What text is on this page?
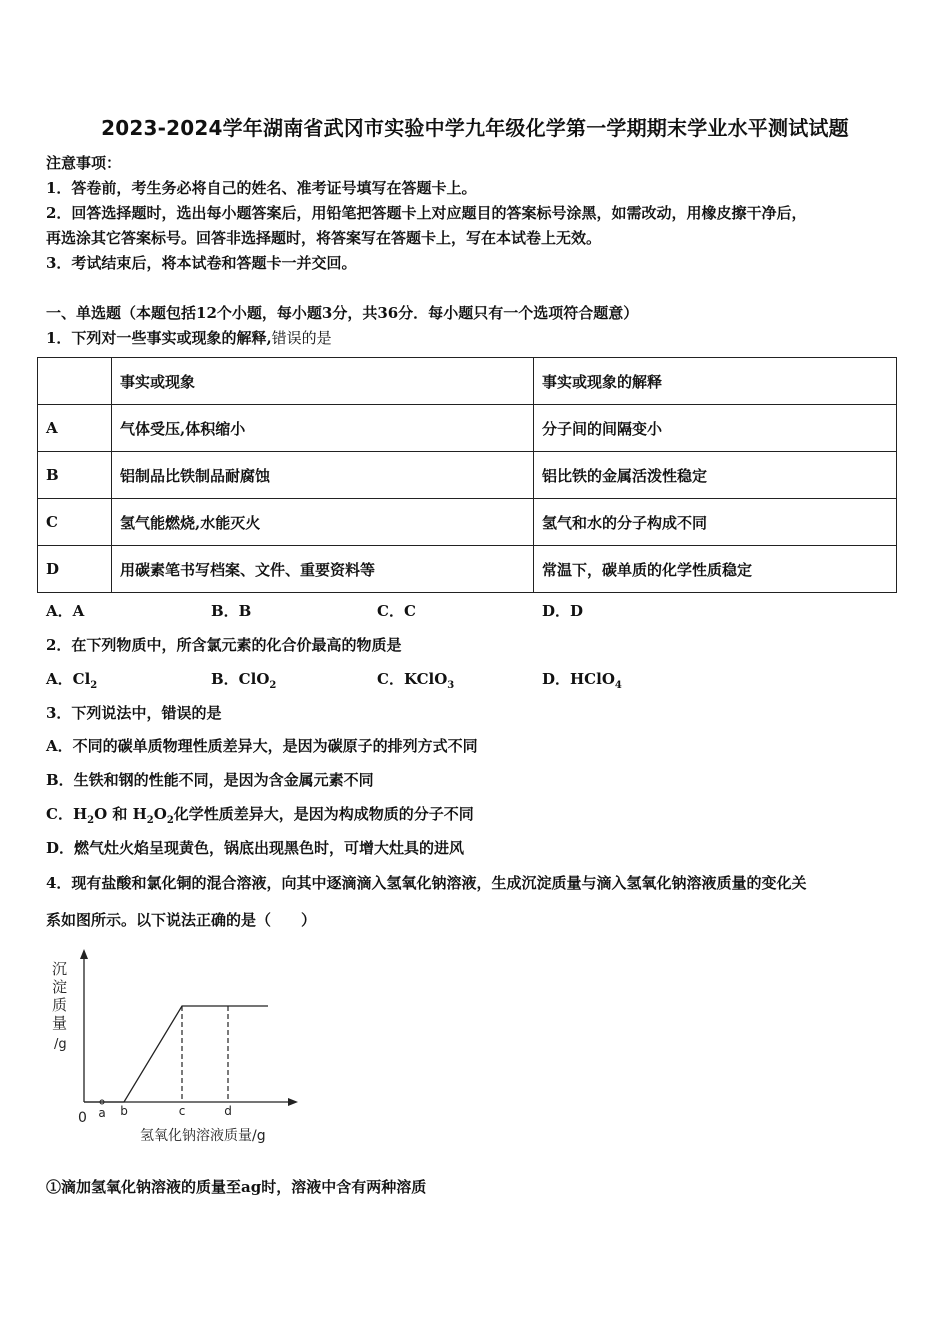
2023-2024学年湖南省武冈市实验中学九年级化学第一学期期末学业水平测试试题
注意事项：
1．答卷前，考生务必将自己的姓名、准考证号填写在答题卡上。
2．回答选择题时，选出每小题答案后，用铅笔把答题卡上对应题目的答案标号涂黑，如需改动，用橡皮擦干净后，
再选涂其它答案标号。回答非选择题时，将答案写在答题卡上，写在本试卷上无效。
3．考试结束后，将本试卷和答题卡一并交回。
一、单选题（本题包括12个小题，每小题3分，共36分．每小题只有一个选项符合题意）
1．下列对一些事实或现象的解释,错误的是
	事实或现象	事实或现象的解释
A	气体受压,体积缩小	分子间的间隔变小
B	铝制品比铁制品耐腐蚀	铝比铁的金属活泼性稳定
C	氢气能燃烧,水能灭火	氢气和水的分子构成不同
D	用碳素笔书写档案、文件、重要资料等	常温下，碳单质的化学性质稳定
A．A	B．B	C．C	D．D
2．在下列物质中，所含氯元素的化合价最高的物质是
A．$Cl_2$	B．ClO$_2$	C．KClO$_3$	D．HClO$_4$
3．下列说法中，错误的是
A．不同的碳单质物理性质差异大，是因为碳原子的排列方式不同
B．生铁和钢的性能不同，是因为含金属元素不同
C．$H_2O$ 和 $H_2O_2$化学性质差异大，是因为构成物质的分子不同
D．燃气灶火焰呈现黄色，锅底出现黑色时，可增大灶具的进风
4．现有盐酸和氯化铜的混合溶液，向其中逐滴滴入氢氧化钠溶液，生成沉淀质量与滴入氢氧化钠溶液质量的变化关
系如图所示。以下说法正确的是（　　）
沉
淀
质
量
/g
0 a b	c	d
氢氧化钠溶液质量/g
①滴加氢氧化钠溶液的质量至ag时，溶液中含有两种溶质
